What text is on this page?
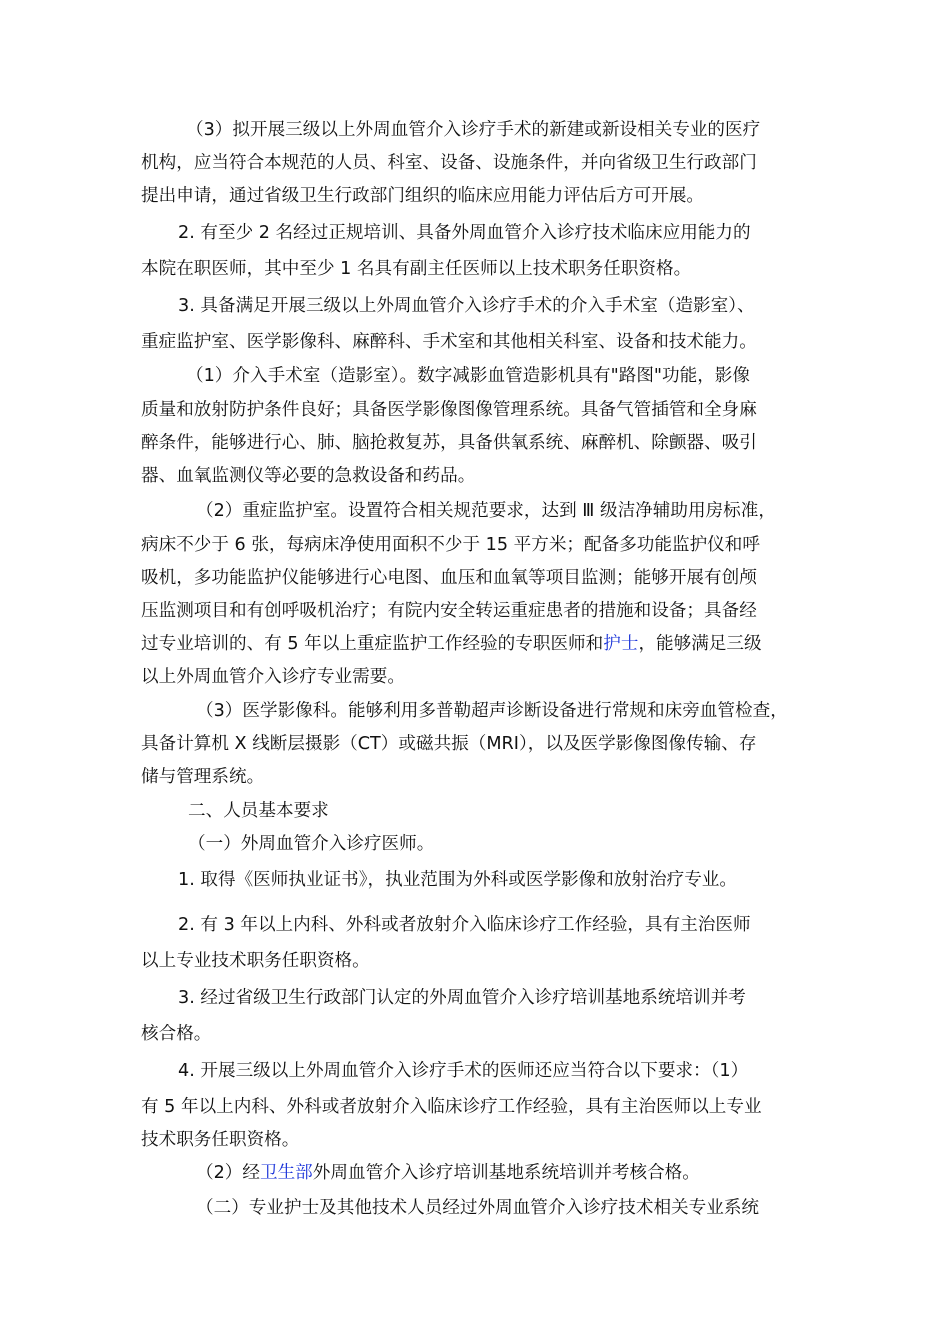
（3）拟开展三级以上外周血管介入诊疗手术的新建或新设相关专业的医疗
机构，应当符合本规范的人员、科室、设备、设施条件，并向省级卫生行政部门
提出申请，通过省级卫生行政部门组织的临床应用能力评估后方可开展。
2. 有至少 2 名经过正规培训、具备外周血管介入诊疗技术临床应用能力的
本院在职医师，其中至少 1 名具有副主任医师以上技术职务任职资格。
3. 具备满足开展三级以上外周血管介入诊疗手术的介入手术室（造影室）、
重症监护室、医学影像科、麻醉科、手术室和其他相关科室、设备和技术能力。
（1）介入手术室（造影室）。数字减影血管造影机具有"路图"功能，影像
质量和放射防护条件良好；具备医学影像图像管理系统。具备气管插管和全身麻
醉条件，能够进行心、肺、脑抢救复苏，具备供氧系统、麻醉机、除颤器、吸引
器、血氧监测仪等必要的急救设备和药品。
（2）重症监护室。设置符合相关规范要求，达到 Ⅲ 级洁净辅助用房标准，
病床不少于 6 张，每病床净使用面积不少于 15 平方米；配备多功能监护仪和呼
吸机，多功能监护仪能够进行心电图、血压和血氧等项目监测；能够开展有创颅
压监测项目和有创呼吸机治疗；有院内安全转运重症患者的措施和设备；具备经
过专业培训的、有 5 年以上重症监护工作经验的专职医师和护士，能够满足三级
以上外周血管介入诊疗专业需要。
（3）医学影像科。能够利用多普勒超声诊断设备进行常规和床旁血管检查，
具备计算机 X 线断层摄影（CT）或磁共振（MRI），以及医学影像图像传输、存
储与管理系统。
二、人员基本要求
（一）外周血管介入诊疗医师。
1. 取得《医师执业证书》，执业范围为外科或医学影像和放射治疗专业。
2. 有 3 年以上内科、外科或者放射介入临床诊疗工作经验，具有主治医师
以上专业技术职务任职资格。
3. 经过省级卫生行政部门认定的外周血管介入诊疗培训基地系统培训并考
核合格。
4. 开展三级以上外周血管介入诊疗手术的医师还应当符合以下要求：（1）
有 5 年以上内科、外科或者放射介入临床诊疗工作经验，具有主治医师以上专业
技术职务任职资格。
（2）经卫生部外周血管介入诊疗培训基地系统培训并考核合格。
（二）专业护士及其他技术人员经过外周血管介入诊疗技术相关专业系统
